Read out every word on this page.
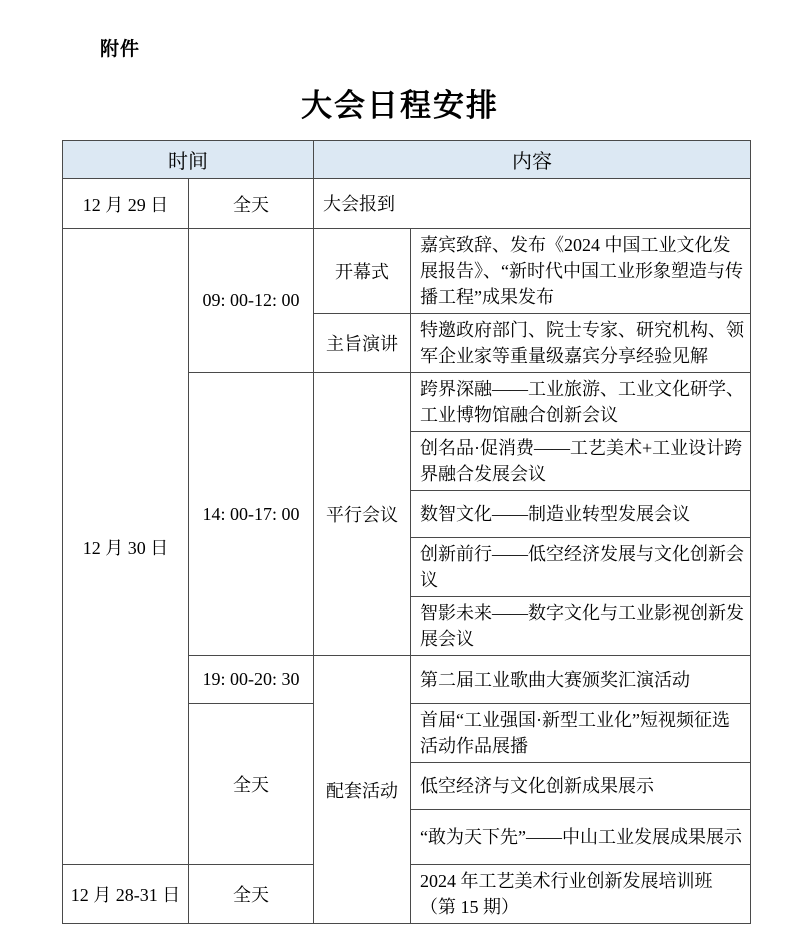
附件
大会日程安排
时间		内容	
12 月 29 日	全天	大会报到	
12 月 30 日	09: 00-12: 00	开幕式	嘉宾致辞、发布《2024 中国工业文化发展报告》、“新时代中国工业形象塑造与传播工程”成果发布
		主旨演讲	特邀政府部门、院士专家、研究机构、领军企业家等重量级嘉宾分享经验见解
	14: 00-17: 00	平行会议	跨界深融——工业旅游、工业文化研学、工业博物馆融合创新会议
			创名品·促消费——工艺美术+工业设计跨界融合发展会议
			数智文化——制造业转型发展会议
			创新前行——低空经济发展与文化创新会议
			智影未来——数字文化与工业影视创新发展会议
	19: 00-20: 30	配套活动	第二届工业歌曲大赛颁奖汇演活动
	全天		首届“工业强国·新型工业化”短视频征选活动作品展播
			低空经济与文化创新成果展示
			“敢为天下先”——中山工业发展成果展示
12 月 28-31 日	全天		2024 年工艺美术行业创新发展培训班（第 15 期）
